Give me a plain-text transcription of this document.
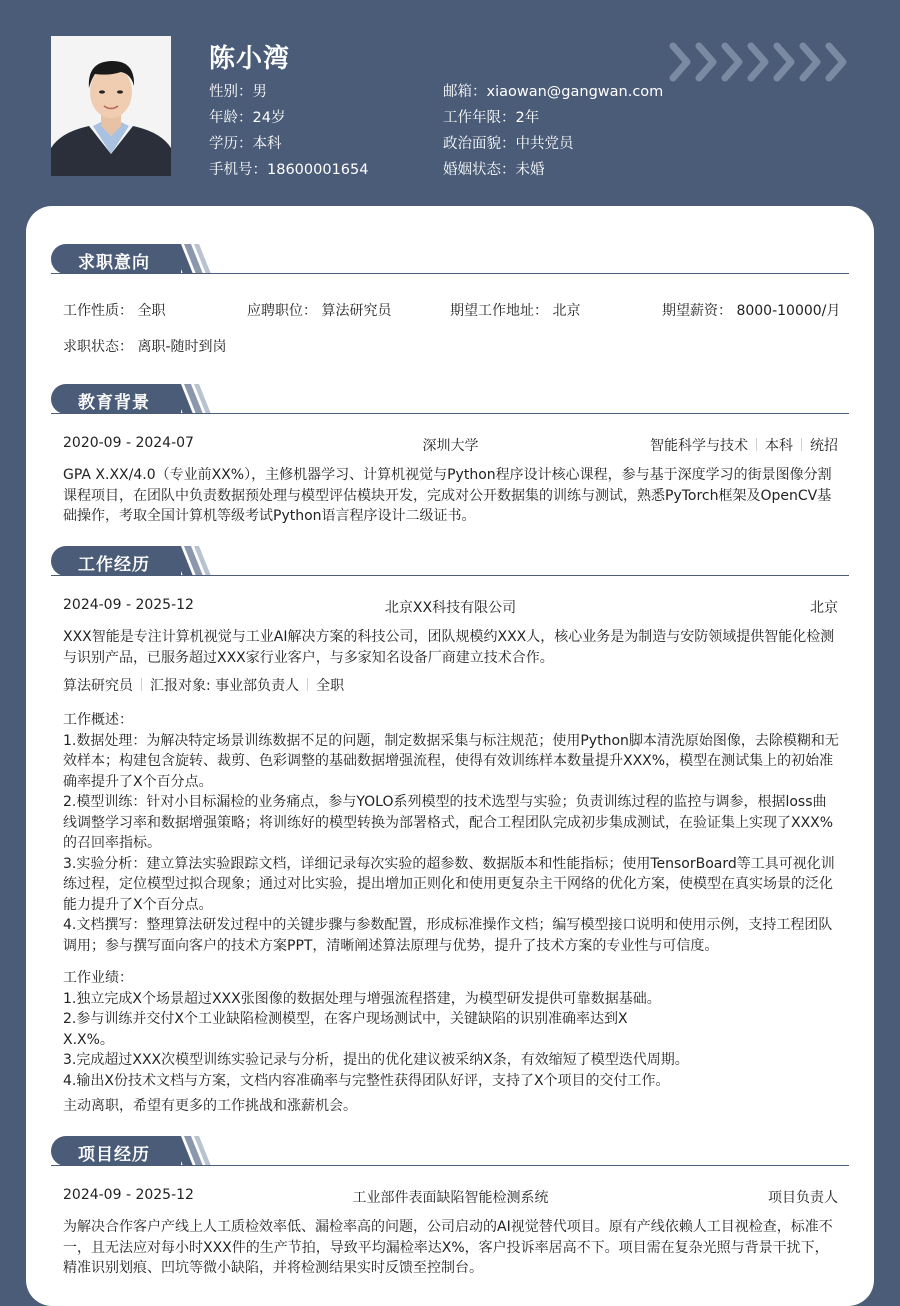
陈小湾
性别：男
年龄：24岁
学历：本科
手机号：18600001654
邮箱：xiaowan@gangwan.com
工作年限：2年
政治面貌：中共党员
婚姻状态：未婚
求职意向
工作性质： 全职	应聘职位： 算法研究员	期望工作地址： 北京	期望薪资： 8000-10000/月
求职状态： 离职-随时到岗
教育背景
2020-09 - 2024-07	深圳大学	智能科学与技术 本科 统招
GPA X.XX/4.0（专业前XX%），主修机器学习、计算机视觉与Python程序设计核心课程，参与基于深度学习的街景图像分割课程项目，在团队中负责数据预处理与模型评估模块开发，完成对公开数据集的训练与测试，熟悉PyTorch框架及OpenCV基础操作，考取全国计算机等级考试Python语言程序设计二级证书。
工作经历
2024-09 - 2025-12	北京XX科技有限公司	北京
XXX智能是专注计算机视觉与工业AI解决方案的科技公司，团队规模约XXX人，核心业务是为制造与安防领域提供智能化检测与识别产品，已服务超过XXX家行业客户，与多家知名设备厂商建立技术合作。
算法研究员 汇报对象: 事业部负责人 全职
工作概述：
1.数据处理：为解决特定场景训练数据不足的问题，制定数据采集与标注规范；使用Python脚本清洗原始图像，去除模糊和无效样本；构建包含旋转、裁剪、色彩调整的基础数据增强流程，使得有效训练样本数量提升XXX%，模型在测试集上的初始准确率提升了X个百分点。
2.模型训练：针对小目标漏检的业务痛点，参与YOLO系列模型的技术选型与实验；负责训练过程的监控与调参，根据loss曲线调整学习率和数据增强策略；将训练好的模型转换为部署格式，配合工程团队完成初步集成测试，在验证集上实现了XXX%的召回率指标。
3.实验分析：建立算法实验跟踪文档，详细记录每次实验的超参数、数据版本和性能指标；使用TensorBoard等工具可视化训练过程，定位模型过拟合现象；通过对比实验，提出增加正则化和使用更复杂主干网络的优化方案，使模型在真实场景的泛化能力提升了X个百分点。
4.文档撰写：整理算法研发过程中的关键步骤与参数配置，形成标准操作文档；编写模型接口说明和使用示例，支持工程团队调用；参与撰写面向客户的技术方案PPT，清晰阐述算法原理与优势，提升了技术方案的专业性与可信度。
工作业绩：
1.独立完成X个场景超过XXX张图像的数据处理与增强流程搭建，为模型研发提供可靠数据基础。
2.参与训练并交付X个工业缺陷检测模型，在客户现场测试中，关键缺陷的识别准确率达到X
X.X%。
3.完成超过XXX次模型训练实验记录与分析，提出的优化建议被采纳X条，有效缩短了模型迭代周期。
4.输出X份技术文档与方案，文档内容准确率与完整性获得团队好评，支持了X个项目的交付工作。
主动离职，希望有更多的工作挑战和涨薪机会。
项目经历
2024-09 - 2025-12	工业部件表面缺陷智能检测系统	项目负责人
为解决合作客户产线上人工质检效率低、漏检率高的问题，公司启动的AI视觉替代项目。原有产线依赖人工目视检查，标准不一，且无法应对每小时XXX件的生产节拍，导致平均漏检率达X%，客户投诉率居高不下。项目需在复杂光照与背景干扰下，精准识别划痕、凹坑等微小缺陷，并将检测结果实时反馈至控制台。
